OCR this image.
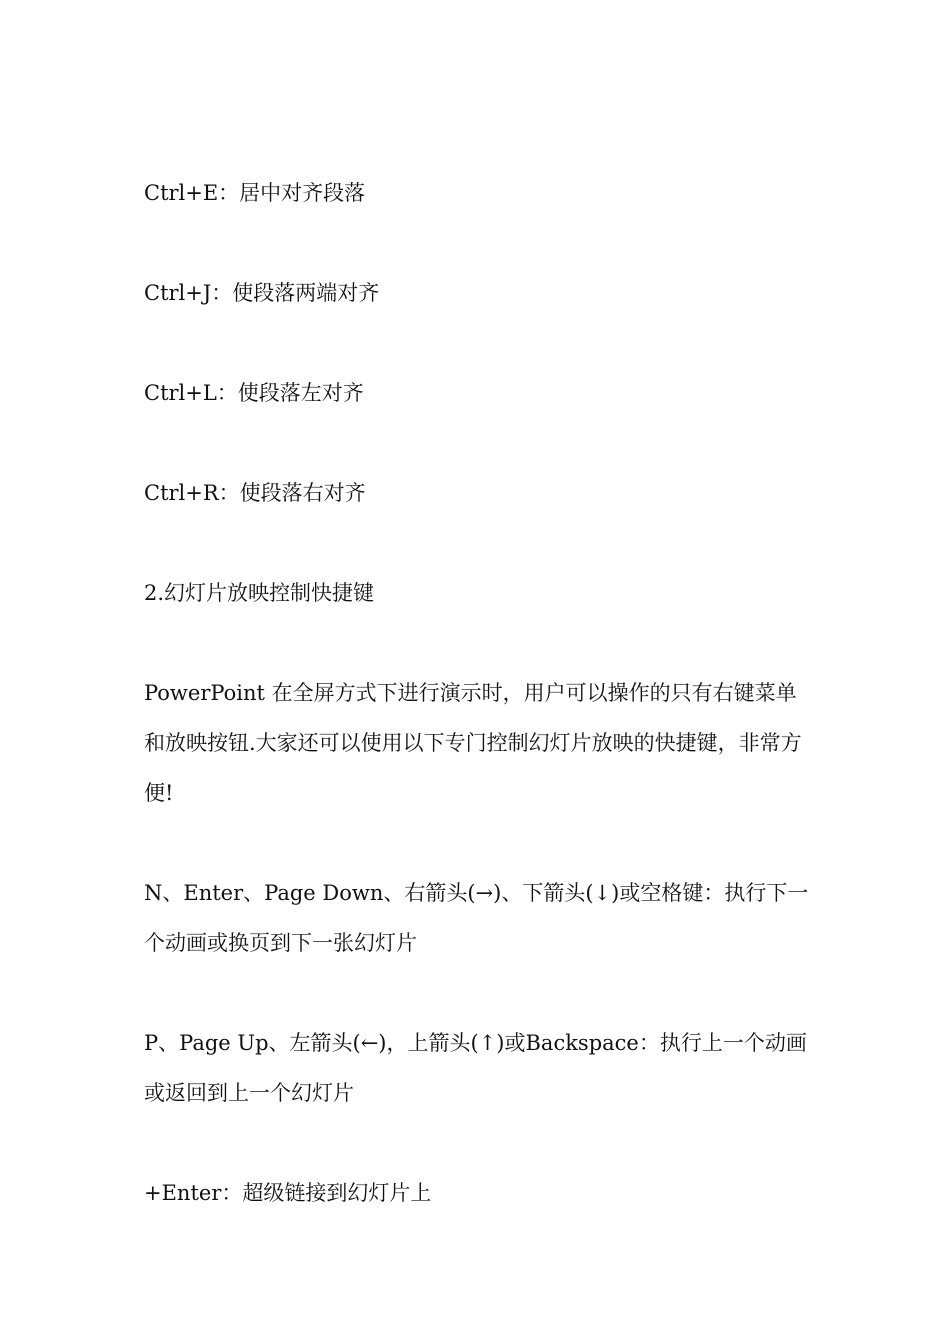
Ctrl+E：居中对齐段落

Ctrl+J：使段落两端对齐

Ctrl+L：使段落左对齐

Ctrl+R：使段落右对齐

2.幻灯片放映控制快捷键

PowerPoint 在全屏方式下进行演示时，用户可以操作的只有右键菜单和放映按钮.大家还可以使用以下专门控制幻灯片放映的快捷键，非常方便!

N、Enter、Page Down、右箭头(→)、下箭头(↓)或空格键：执行下一个动画或换页到下一张幻灯片

P、Page Up、左箭头(←)，上箭头(↑)或Backspace：执行上一个动画或返回到上一个幻灯片

+Enter：超级链接到幻灯片上
